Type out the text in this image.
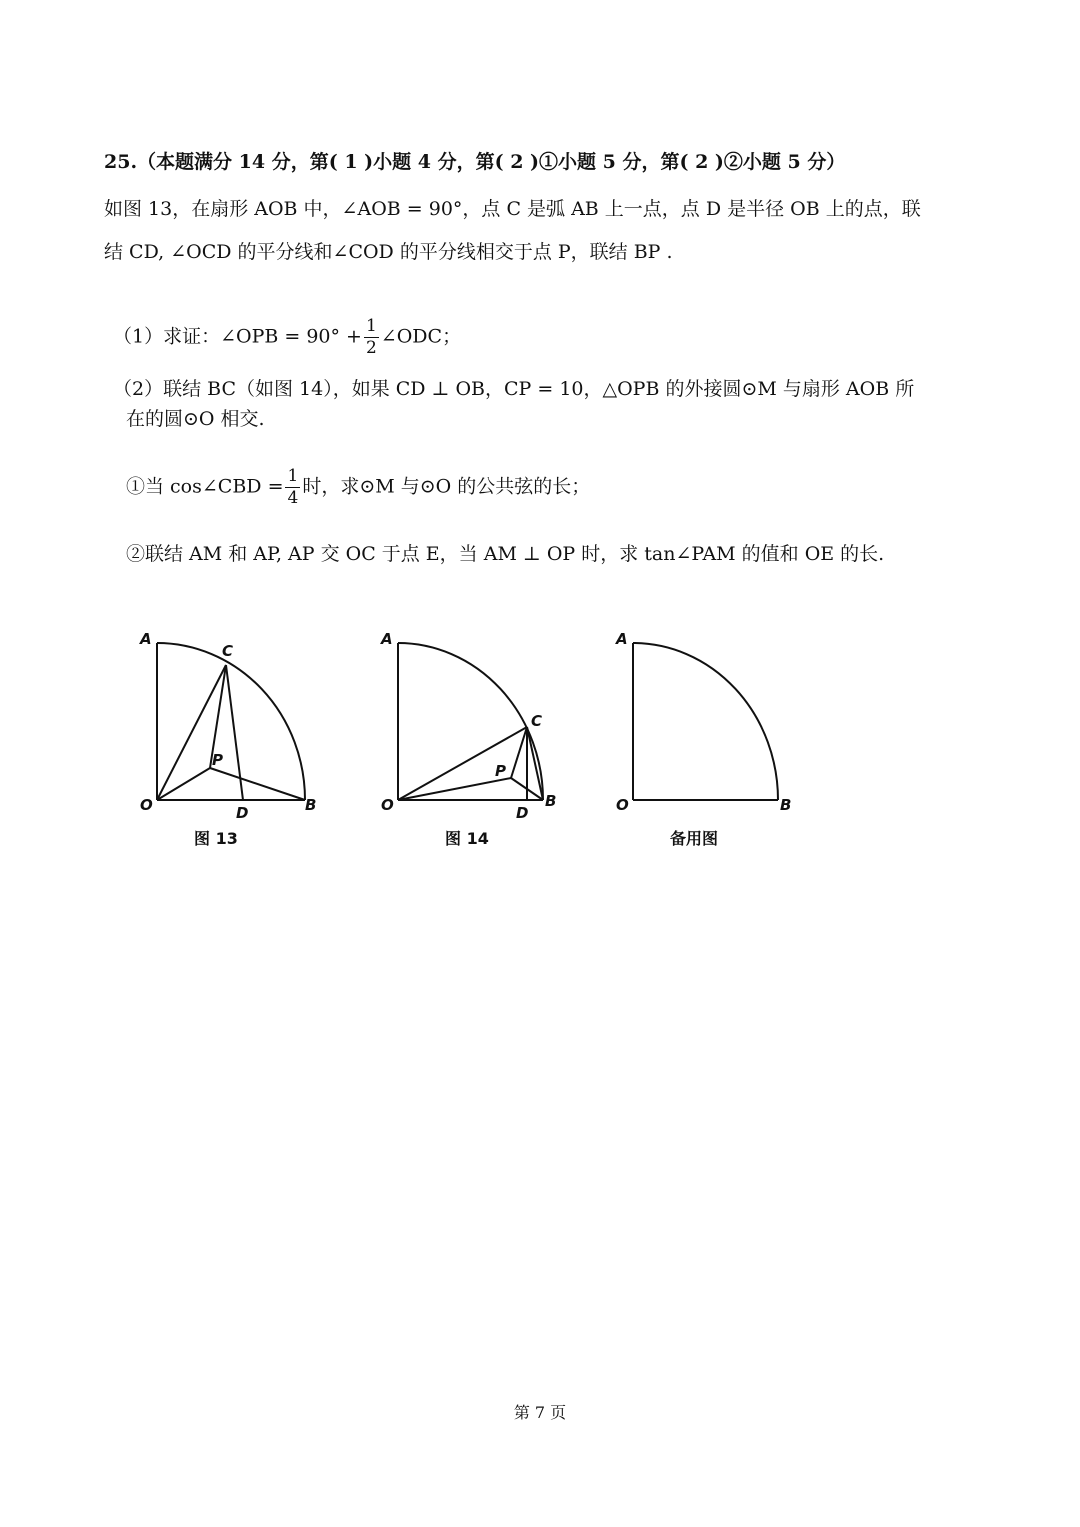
25.（本题满分 14 分，第( 1 )小题 4 分，第( 2 )①小题 5 分，第( 2 )②小题 5 分）
如图 13，在扇形 AOB 中，∠AOB = 90°，点 C 是弧 AB 上一点，点 D 是半径 OB 上的点，联
结 CD, ∠OCD 的平分线和∠COD 的平分线相交于点 P，联结 BP .
（1）求证：∠OPB = $90^\circ + \frac{1}{2}$ ∠ODC；
（2）联结 BC（如图 14），如果 CD ⊥ OB，CP = 10，△OPB 的外接圆⊙M 与扇形 AOB 所
在的圆⊙O 相交.
①当 cos∠CBD = $\frac{1}{4}$ 时，求⊙M 与⊙O 的公共弦的长；
②联结 AM 和 AP, AP 交 OC 于点 E，当 AM ⊥ OP 时，求 tan∠PAM 的值和 OE 的长.
A
C
P
O	D	B
图 13
A
C
P
O	D
B
图 14
A
O	B
备用图
第 7 页
